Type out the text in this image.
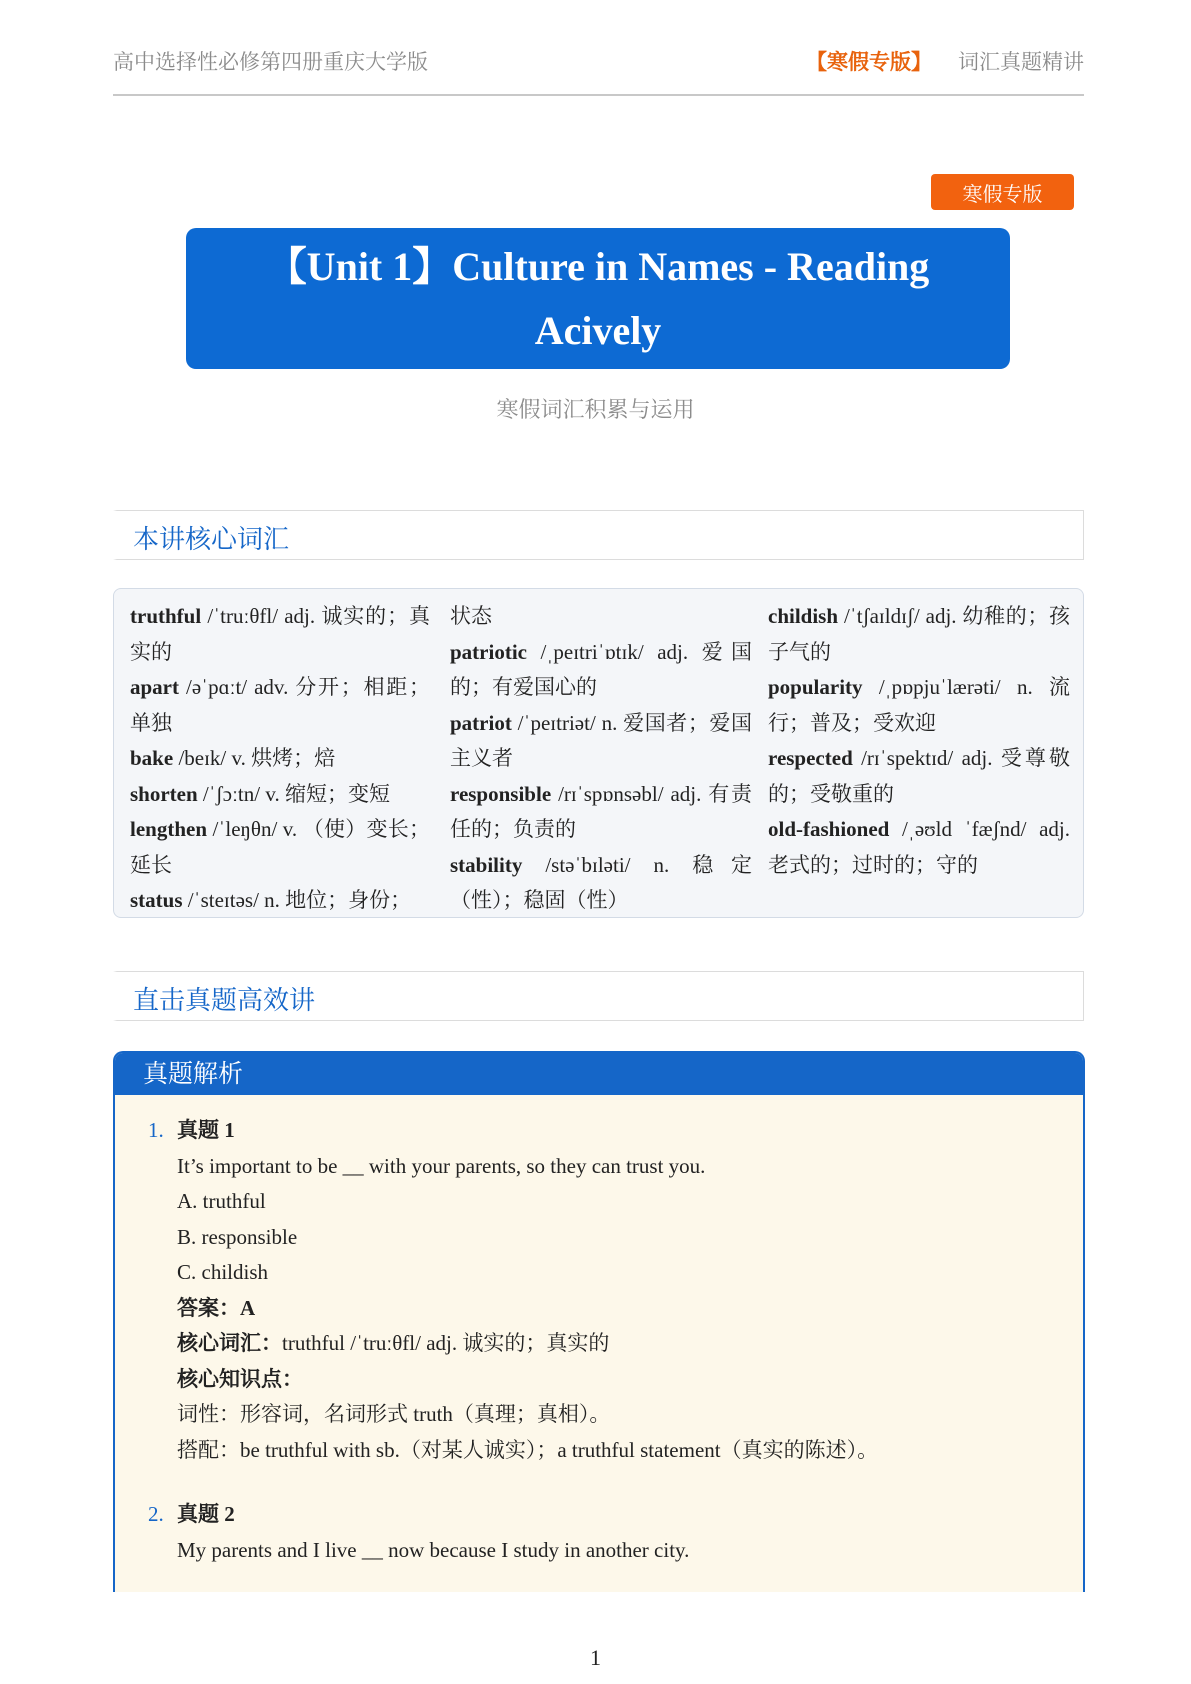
高中选择性必修第四册重庆大学版	【寒假专版】 词汇真题精讲
寒假专版
【Unit 1】Culture in Names - Reading
Acively
寒假词汇积累与运用
本讲核心词汇
truthful /ˈtruːθfl/ adj. 诚实的；真实的
apart /əˈpɑːt/ adv. 分开；相距；单独
bake /beɪk/ v. 烘烤；焙
shorten /ˈʃɔːtn/ v. 缩短；变短
lengthen /ˈleŋθn/ v. （使）变长；延长
status /ˈsteɪtəs/ n. 地位；身份；
状态
patriotic /ˌpeɪtriˈɒtɪk/ adj. 爱国的；有爱国心的
patriot /ˈpeɪtriət/ n. 爱国者；爱国主义者
responsible /rɪˈspɒnsəbl/ adj. 有责任的；负责的
stability /stəˈbɪləti/ n. 稳定（性）；稳固（性）
childish /ˈtʃaɪldɪʃ/ adj. 幼稚的；孩子气的
popularity /ˌpɒpjuˈlærəti/ n. 流行；普及；受欢迎
respected /rɪˈspektɪd/ adj. 受尊敬的；受敬重的
old-fashioned /ˌəʊld ˈfæʃnd/ adj. 老式的；过时的；守的
直击真题高效讲
真题解析
1. 真题 1
It’s important to be __ with your parents, so they can trust you.
A. truthful
B. responsible
C. childish
答案：A
核心词汇：truthful /ˈtruːθfl/ adj. 诚实的；真实的
核心知识点：
词性：形容词，名词形式 truth（真理；真相）。
搭配：be truthful with sb.（对某人诚实）；a truthful statement（真实的陈述）。
2. 真题 2
My parents and I live __ now because I study in another city.
1
